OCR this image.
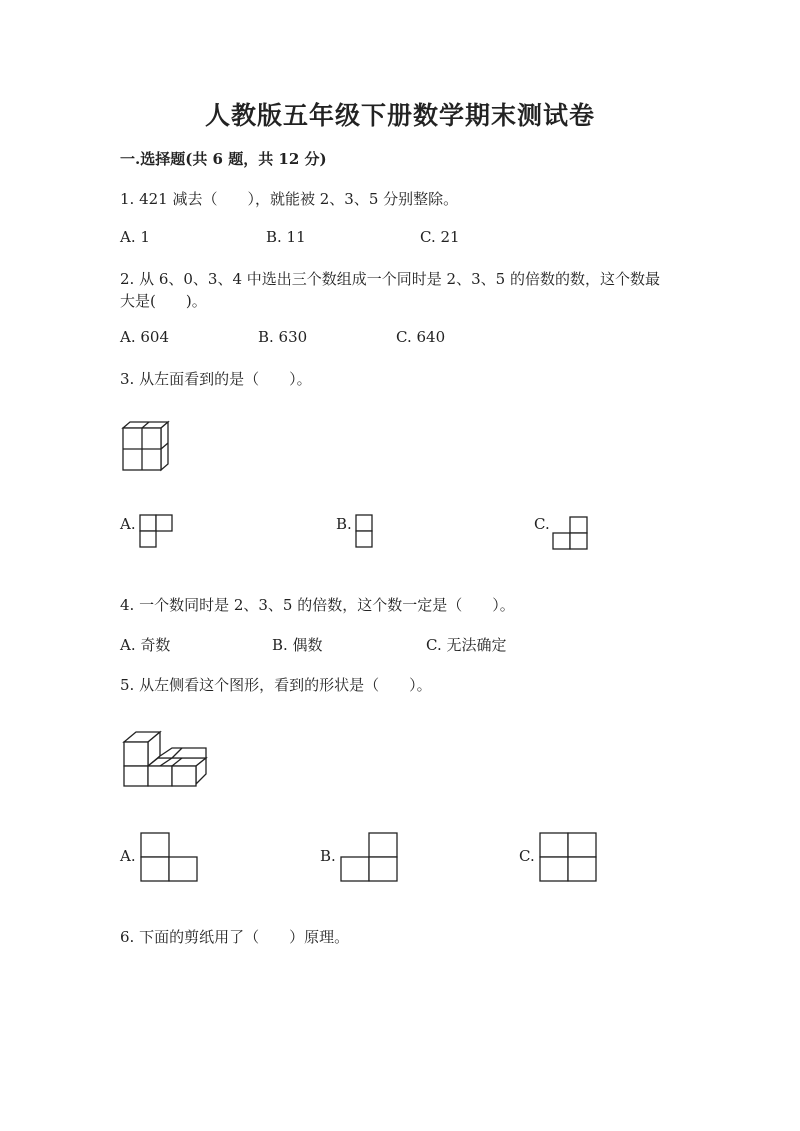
人教版五年级下册数学期末测试卷
一.选择题(共 6 题，共 12 分)
1. 421 减去（　　），就能被 2、3、5 分别整除。
A. 1	B. 11	C. 21
2. 从 6、0、3、4 中选出三个数组成一个同时是 2、3、5 的倍数的数，这个数最
大是(　　)。
A. 604	B. 630	C. 640
3. 从左面看到的是（　　）。
A.	B.	C.
4. 一个数同时是 2、3、5 的倍数，这个数一定是（　　）。
A. 奇数	B. 偶数	C. 无法确定
5. 从左侧看这个图形，看到的形状是（　　）。
A.	B.	C.
6. 下面的剪纸用了（　　）原理。
